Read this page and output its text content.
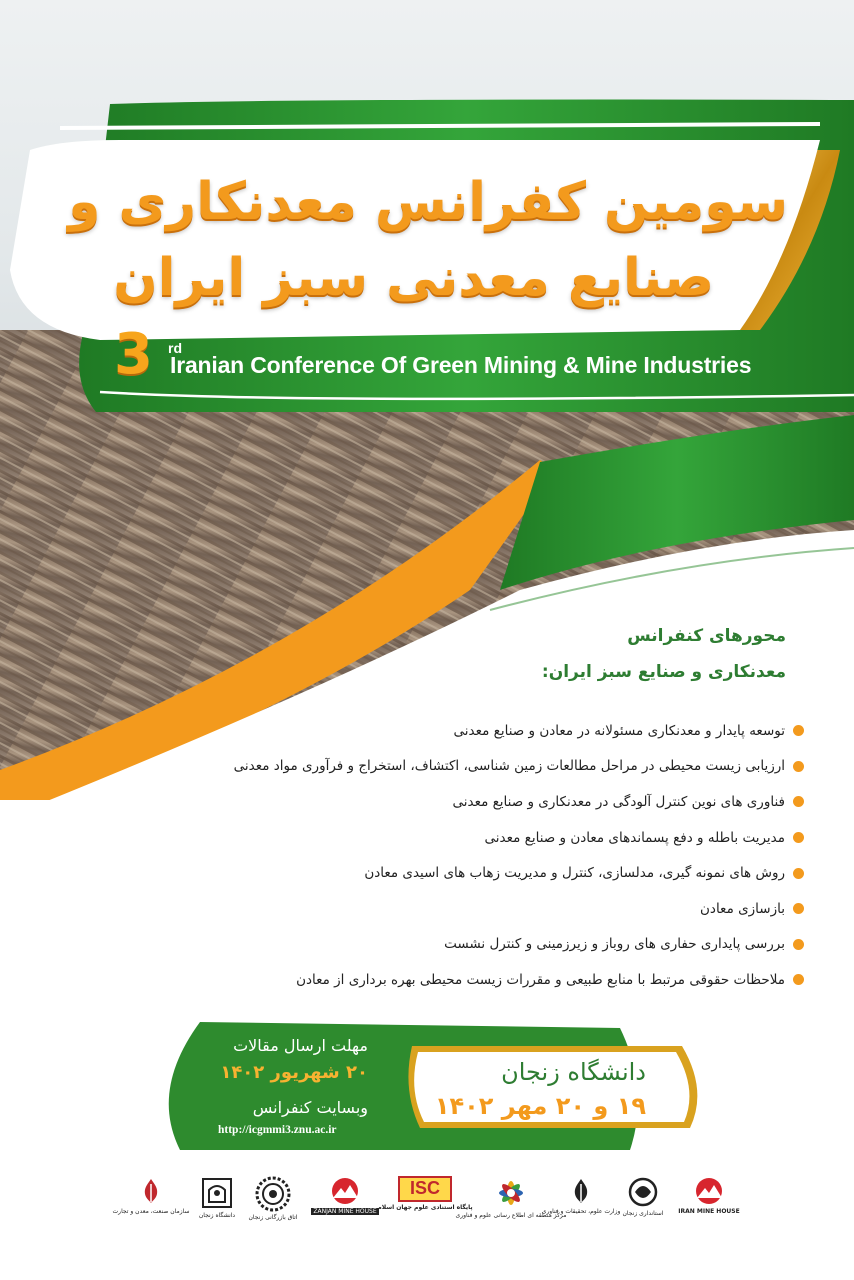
سومین کفرانس معدنکاری و
صنایع معدنی سبز ایران
3 rd
Iranian Conference Of Green Mining & Mine Industries
محورهای کنفرانس
معدنکاری و صنایع سبز ایران:
توسعه پایدار و معدنکاری مسئولانه در معادن و صنایع معدنی
ارزیابی زیست محیطی در مراحل مطالعات زمین شناسی، اکتشاف، استخراج و فرآوری مواد معدنی
فناوری های نوین کنترل آلودگی در معدنکاری و صنایع معدنی
مدیریت باطله و دفع پسماندهای معادن و صنایع معدنی
روش های نمونه گیری، مدلسازی، کنترل و مدیریت زهاب های اسیدی معادن
بازسازی معادن
بررسی پایداری حفاری های روباز و زیرزمینی و کنترل نشست
ملاحظات حقوقی مرتبط با منابع طبیعی و مقررات زیست محیطی بهره برداری از معادن
مهلت ارسال مقالات
۲۰ شهریور ۱۴۰۲
وبسایت کنفرانس
http://icgmmi3.znu.ac.ir
دانشگاه زنجان
۱۹ و ۲۰ مهر ۱۴۰۲
سازمان صنعت، معدن و تجارت
دانشگاه زنجان اتاق بازرگانی زنجان
ZANJAN MINE HOUSE
ISC
پایگاه استنادی علوم جهان اسلام
مرکز منطقه ای اطلاع رسانی علوم و فناوری
وزارت علوم، تحقیقات و فناوری استانداری زنجان IRAN MINE HOUSE
